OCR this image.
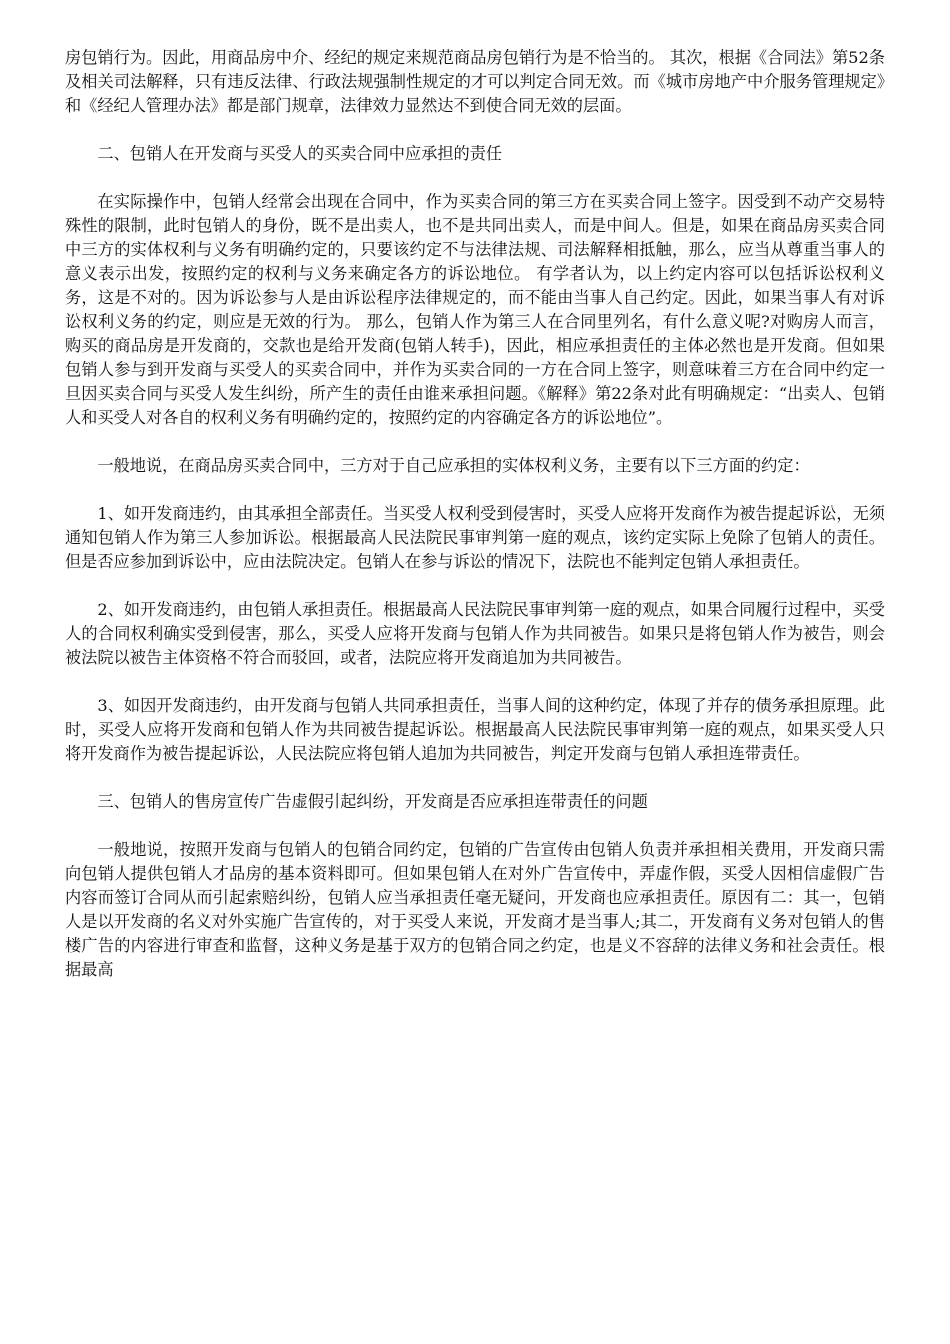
房包销行为。因此，用商品房中介、经纪的规定来规范商品房包销行为是不恰当的。 其次，根据《合同法》第52条及相关司法解释，只有违反法律、行政法规强制性规定的才可以判定合同无效。而《城市房地产中介服务管理规定》和《经纪人管理办法》都是部门规章，法律效力显然达不到使合同无效的层面。

二、包销人在开发商与买受人的买卖合同中应承担的责任

在实际操作中，包销人经常会出现在合同中，作为买卖合同的第三方在买卖合同上签字。因受到不动产交易特殊性的限制，此时包销人的身份，既不是出卖人，也不是共同出卖人，而是中间人。但是，如果在商品房买卖合同中三方的实体权利与义务有明确约定的，只要该约定不与法律法规、司法解释相抵触，那么，应当从尊重当事人的意义表示出发，按照约定的权利与义务来确定各方的诉讼地位。 有学者认为，以上约定内容可以包括诉讼权利义务，这是不对的。因为诉讼参与人是由诉讼程序法律规定的，而不能由当事人自己约定。因此，如果当事人有对诉讼权利义务的约定，则应是无效的行为。 那么，包销人作为第三人在合同里列名，有什么意义呢?对购房人而言，购买的商品房是开发商的，交款也是给开发商(包销人转手)，因此，相应承担责任的主体必然也是开发商。但如果包销人参与到开发商与买受人的买卖合同中，并作为买卖合同的一方在合同上签字，则意味着三方在合同中约定一旦因买卖合同与买受人发生纠纷，所产生的责任由谁来承担问题。《解释》第22条对此有明确规定：“出卖人、包销人和买受人对各自的权利义务有明确约定的，按照约定的内容确定各方的诉讼地位”。

一般地说，在商品房买卖合同中，三方对于自己应承担的实体权利义务，主要有以下三方面的约定：

1、如开发商违约，由其承担全部责任。当买受人权利受到侵害时，买受人应将开发商作为被告提起诉讼，无须通知包销人作为第三人参加诉讼。根据最高人民法院民事审判第一庭的观点，该约定实际上免除了包销人的责任。但是否应参加到诉讼中，应由法院决定。包销人在参与诉讼的情况下，法院也不能判定包销人承担责任。

2、如开发商违约，由包销人承担责任。根据最高人民法院民事审判第一庭的观点，如果合同履行过程中，买受人的合同权利确实受到侵害，那么，买受人应将开发商与包销人作为共同被告。如果只是将包销人作为被告，则会被法院以被告主体资格不符合而驳回，或者，法院应将开发商追加为共同被告。

3、如因开发商违约，由开发商与包销人共同承担责任，当事人间的这种约定，体现了并存的债务承担原理。此时，买受人应将开发商和包销人作为共同被告提起诉讼。根据最高人民法院民事审判第一庭的观点，如果买受人只将开发商作为被告提起诉讼，人民法院应将包销人追加为共同被告，判定开发商与包销人承担连带责任。

三、包销人的售房宣传广告虚假引起纠纷，开发商是否应承担连带责任的问题

一般地说，按照开发商与包销人的包销合同约定，包销的广告宣传由包销人负责并承担相关费用，开发商只需向包销人提供包销人才品房的基本资料即可。但如果包销人在对外广告宣传中，弄虚作假，买受人因相信虚假广告内容而签订合同从而引起索赔纠纷，包销人应当承担责任毫无疑问，开发商也应承担责任。原因有二：其一，包销人是以开发商的名义对外实施广告宣传的，对于买受人来说，开发商才是当事人;其二，开发商有义务对包销人的售楼广告的内容进行审查和监督，这种义务是基于双方的包销合同之约定，也是义不容辞的法律义务和社会责任。根据最高
